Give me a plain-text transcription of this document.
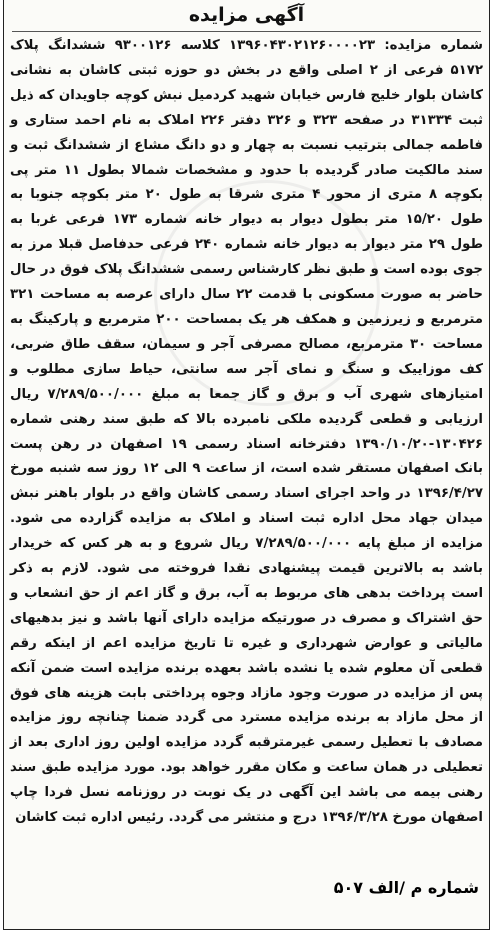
آگهی مزایده
شماره مزایده: ۱۳۹۶۰۴۳۰۲۱۲۶۰۰۰۰۲۳ کلاسه ۹۳۰۰۱۲۶ ششدانگ پلاک ۵۱۷۲ فرعی از ۲ اصلی واقع در بخش دو حوزه ثبتی کاشان به نشانی کاشان بلوار خلیج فارس خیابان شهید کردمیل نبش کوچه جاویدان که ذیل ثبت ۳۱۳۳۴ در صفحه ۳۲۳ و ۳۲۶ دفتر ۲۲۶ املاک به نام احمد ستاری و فاطمه جمالی بترتیب نسبت به چهار و دو دانگ مشاع از ششدانگ ثبت و سند مالکیت صادر گردیده با حدود و مشخصات شمالا بطول ۱۱ متر پی بکوچه ۸ متری از محور ۴ متری شرقا به طول ۲۰ متر بکوچه جنوبا به طول ۱۵/۲۰ متر بطول دیوار به دیوار خانه شماره ۱۷۳ فرعی غربا به طول ۲۹ متر دیوار به دیوار خانه شماره ۲۴۰ فرعی حدفاصل قبلا مرز به جوی بوده است و طبق نظر کارشناس رسمی ششدانگ پلاک فوق در حال حاضر به صورت مسکونی با قدمت ۲۲ سال دارای عرصه به مساحت ۳۲۱ مترمربع و زیرزمین و همکف هر یک بمساحت ۲۰۰ مترمربع و پارکینگ به مساحت ۳۰ مترمربع، مصالح مصرفی آجر و سیمان، سقف طاق ضربی، کف موزاییک و سنگ و نمای آجر سه سانتی، حیاط سازی مطلوب و امتیازهای شهری آب و برق و گاز جمعا به مبلغ ۷/۲۸۹/۵۰۰/۰۰۰ ریال ارزیابی و قطعی گردیده ملکی نامبرده بالا که طبق سند رهنی شماره ۱۳۰۴۲۶-۱۳۹۰/۱۰/۲۰ دفترخانه اسناد رسمی ۱۹ اصفهان در رهن پست بانک اصفهان مستقر شده است، از ساعت ۹ الی ۱۲ روز سه شنبه مورخ ۱۳۹۶/۴/۲۷ در واحد اجرای اسناد رسمی کاشان واقع در بلوار باهنر نبش میدان جهاد محل اداره ثبت اسناد و املاک به مزایده گزارده می شود. مزایده از مبلغ پایه ۷/۲۸۹/۵۰۰/۰۰۰ ریال شروع و به هر کس که خریدار باشد به بالاترین قیمت پیشنهادی نقدا فروخته می شود. لازم به ذکر است پرداخت بدهی های مربوط به آب، برق و گاز اعم از حق انشعاب و حق اشتراک و مصرف در صورتیکه مزایده دارای آنها باشد و نیز بدهیهای مالیاتی و عوارض شهرداری و غیره تا تاریخ مزایده اعم از اینکه رقم قطعی آن معلوم شده یا نشده باشد بعهده برنده مزایده است ضمن آنکه پس از مزایده در صورت وجود مازاد وجوه پرداختی بابت هزینه های فوق از محل مازاد به برنده مزایده مسترد می گردد ضمنا چنانچه روز مزایده مصادف با تعطیل رسمی غیرمترقبه گردد مزایده اولین روز اداری بعد از تعطیلی در همان ساعت و مکان مقرر خواهد بود. مورد مزایده طبق سند رهنی بیمه می باشد این آگهی در یک نوبت در روزنامه نسل فردا چاپ اصفهان مورخ ۱۳۹۶/۳/۲۸ درج و منتشر می گردد. رئیس اداره ثبت کاشان
شماره م /الف ۵۰۷
